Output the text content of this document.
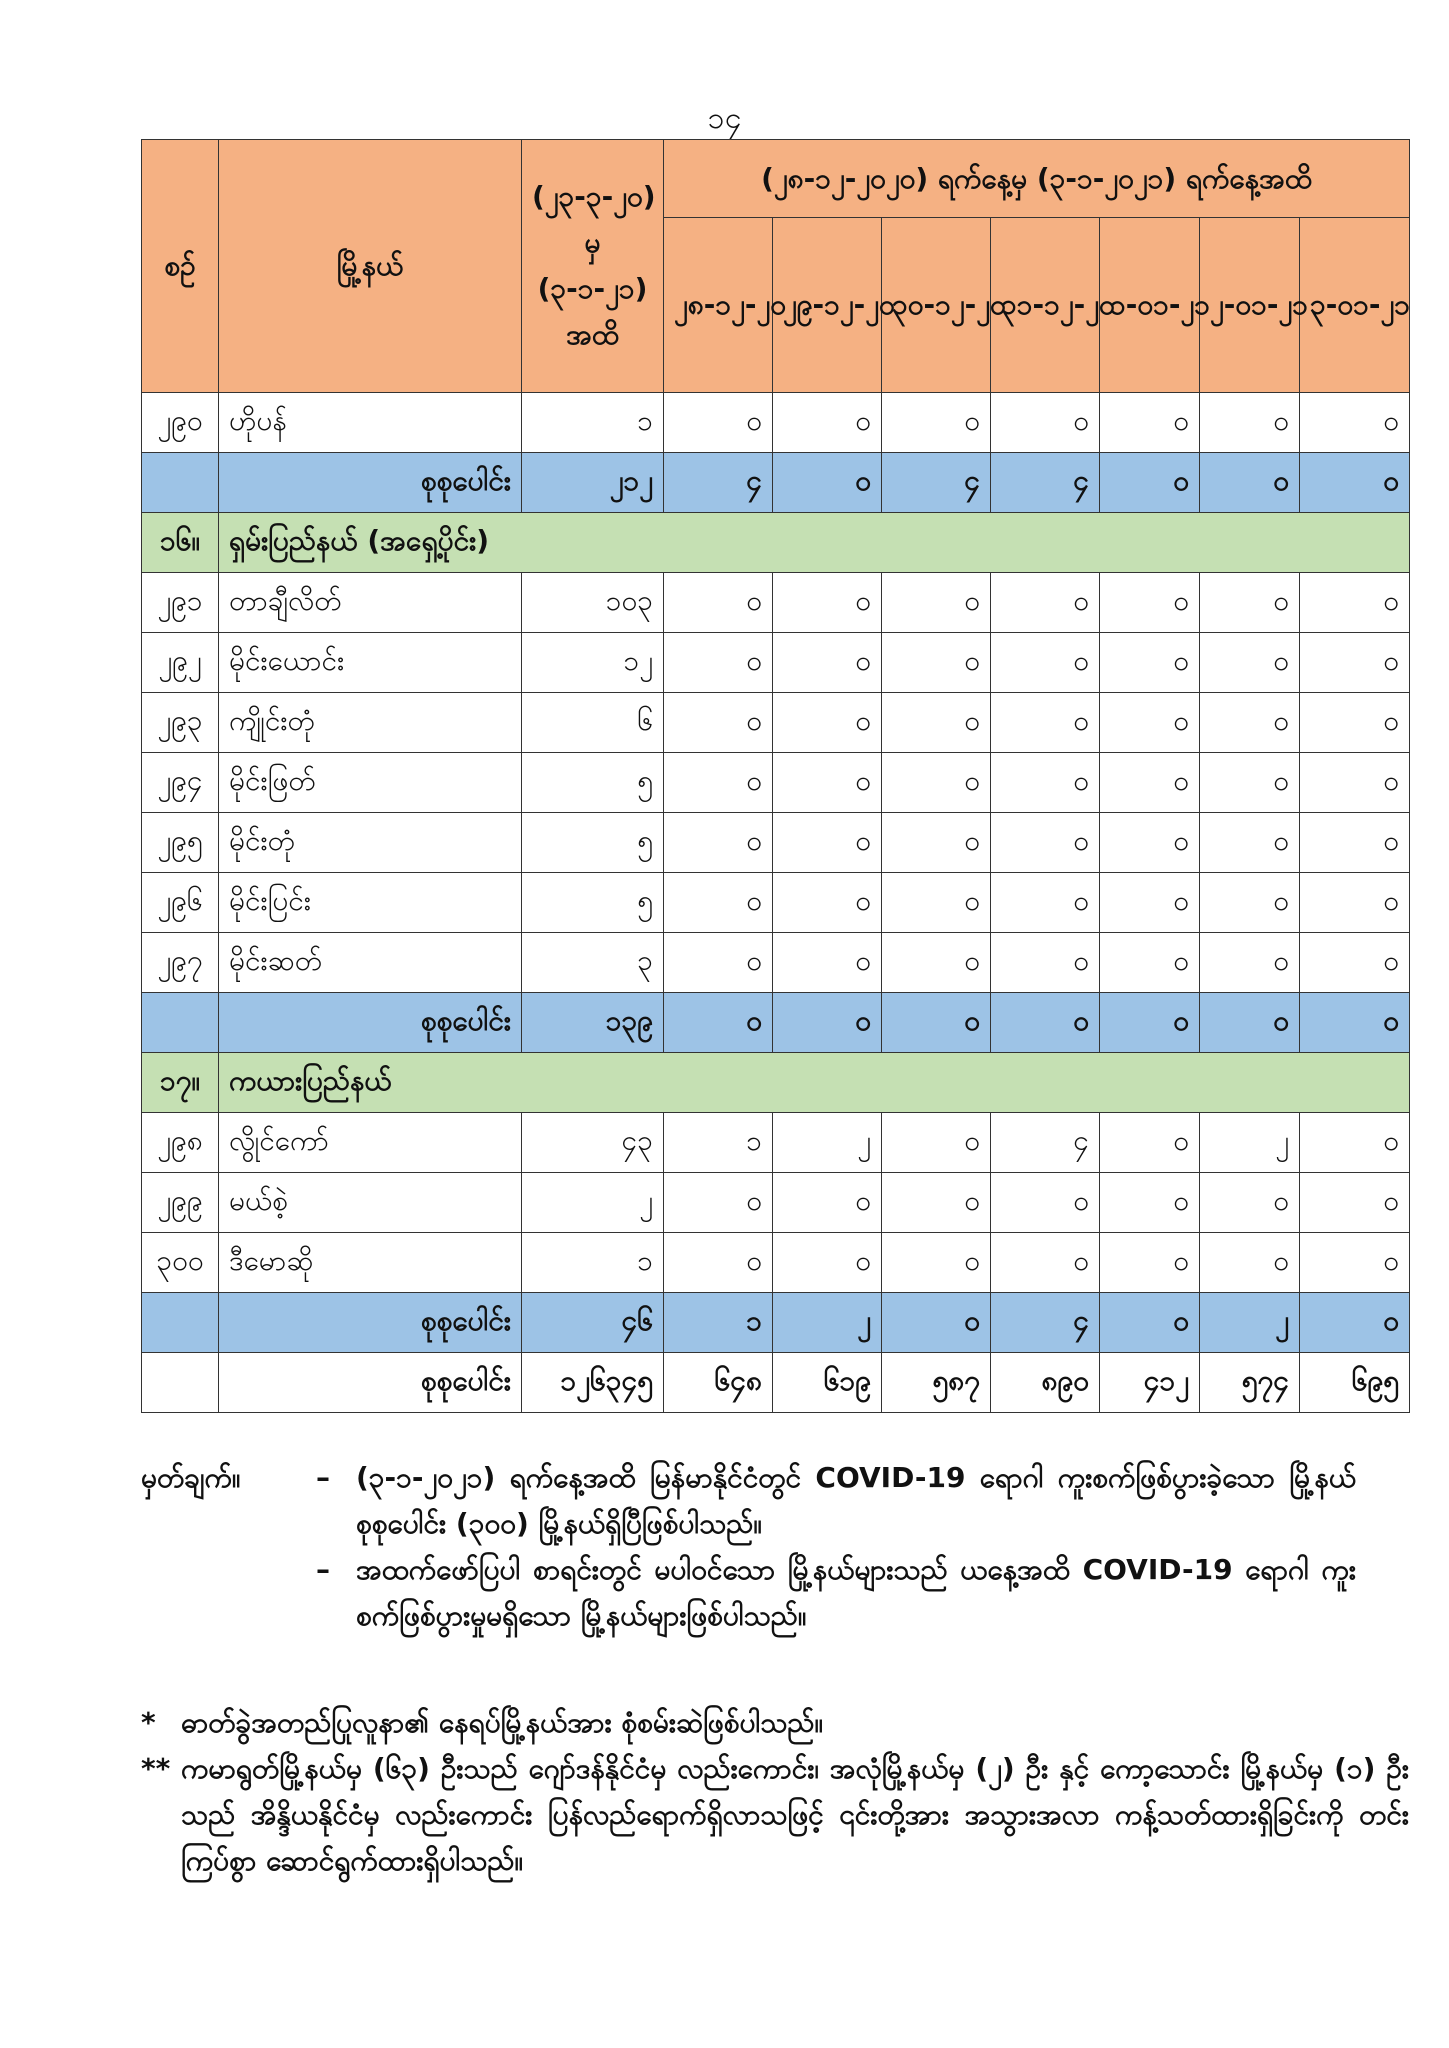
၁၄
စဉ်	မြို့နယ်	(၂၃-၃-၂၀) မှ (၃-၁-၂၁) အထိ	(၂၈-၁၂-၂၀၂၀) ရက်နေ့မှ (၃-၁-၂၀၂၁) ရက်နေ့အထိ						
			၂၈-၁၂-၂၀	၂၉-၁၂-၂၀	၃၀-၁၂-၂၀	၃၁-၁၂-၂၀	၁-၀၁-၂၁	၂-၀၁-၂၁	၃-၀၁-၂၁
၂၉၀	ဟိုပန်	၁	၀	၀	၀	၀	၀	၀	၀
	စုစုပေါင်း	၂၁၂	၄	၀	၄	၄	၀	၀	၀
၁၆။	ရှမ်းပြည်နယ် (အရှေ့ပိုင်း)								
၂၉၁	တာချီလိတ်	၁၀၃	၀	၀	၀	၀	၀	၀	၀
၂၉၂	မိုင်းယောင်း	၁၂	၀	၀	၀	၀	၀	၀	၀
၂၉၃	ကျိုင်းတုံ	၆	၀	၀	၀	၀	၀	၀	၀
၂၉၄	မိုင်းဖြတ်	၅	၀	၀	၀	၀	၀	၀	၀
၂၉၅	မိုင်းတုံ	၅	၀	၀	၀	၀	၀	၀	၀
၂၉၆	မိုင်းပြင်း	၅	၀	၀	၀	၀	၀	၀	၀
၂၉၇	မိုင်းဆတ်	၃	၀	၀	၀	၀	၀	၀	၀
	စုစုပေါင်း	၁၃၉	၀	၀	၀	၀	၀	၀	၀
၁၇။	ကယားပြည်နယ်								
၂၉၈	လွိုင်ကော်	၄၃	၁	၂	၀	၄	၀	၂	၀
၂၉၉	မယ်စဲ့	၂	၀	၀	၀	၀	၀	၀	၀
၃၀၀	ဒီမောဆို	၁	၀	၀	၀	၀	၀	၀	၀
	စုစုပေါင်း	၄၆	၁	၂	၀	၄	၀	၂	၀
	စုစုပေါင်း	၁၂၆၃၄၅	၆၄၈	၆၁၉	၅၈၇	၈၉၀	၄၁၂	၅၇၄	၆၉၅
မှတ်ချက်။	– (၃-၁-၂၀၂၁) ရက်နေ့အထိ မြန်မာနိုင်ငံတွင် COVID-19 ရောဂါ ကူးစက်ဖြစ်ပွားခဲ့သော မြို့နယ် စုစုပေါင်း (၃၀၀) မြို့နယ်ရှိပြီဖြစ်ပါသည်။
– အထက်ဖော်ပြပါ စာရင်းတွင် မပါဝင်သော မြို့နယ်များသည် ယနေ့အထိ COVID-19 ရောဂါ ကူးစက်ဖြစ်ပွားမှုမရှိသော မြို့နယ်များဖြစ်ပါသည်။
* ဓာတ်ခွဲအတည်ပြုလူနာ၏ နေရပ်မြို့နယ်အား စုံစမ်းဆဲဖြစ်ပါသည်။
** ကမာရွတ်မြို့နယ်မှ (၆၃) ဦးသည် ဂျော်ဒန်နိုင်ငံမှ လည်းကောင်း၊ အလုံမြို့နယ်မှ (၂) ဦး နှင့် ကော့သောင်း မြို့နယ်မှ (၁) ဦးသည် အိန္ဒိယနိုင်ငံမှ လည်းကောင်း ပြန်လည်ရောက်ရှိလာသဖြင့် ၎င်းတို့အား အသွားအလာ ကန့်သတ်ထားရှိခြင်းကို တင်းကြပ်စွာ ဆောင်ရွက်ထားရှိပါသည်။
